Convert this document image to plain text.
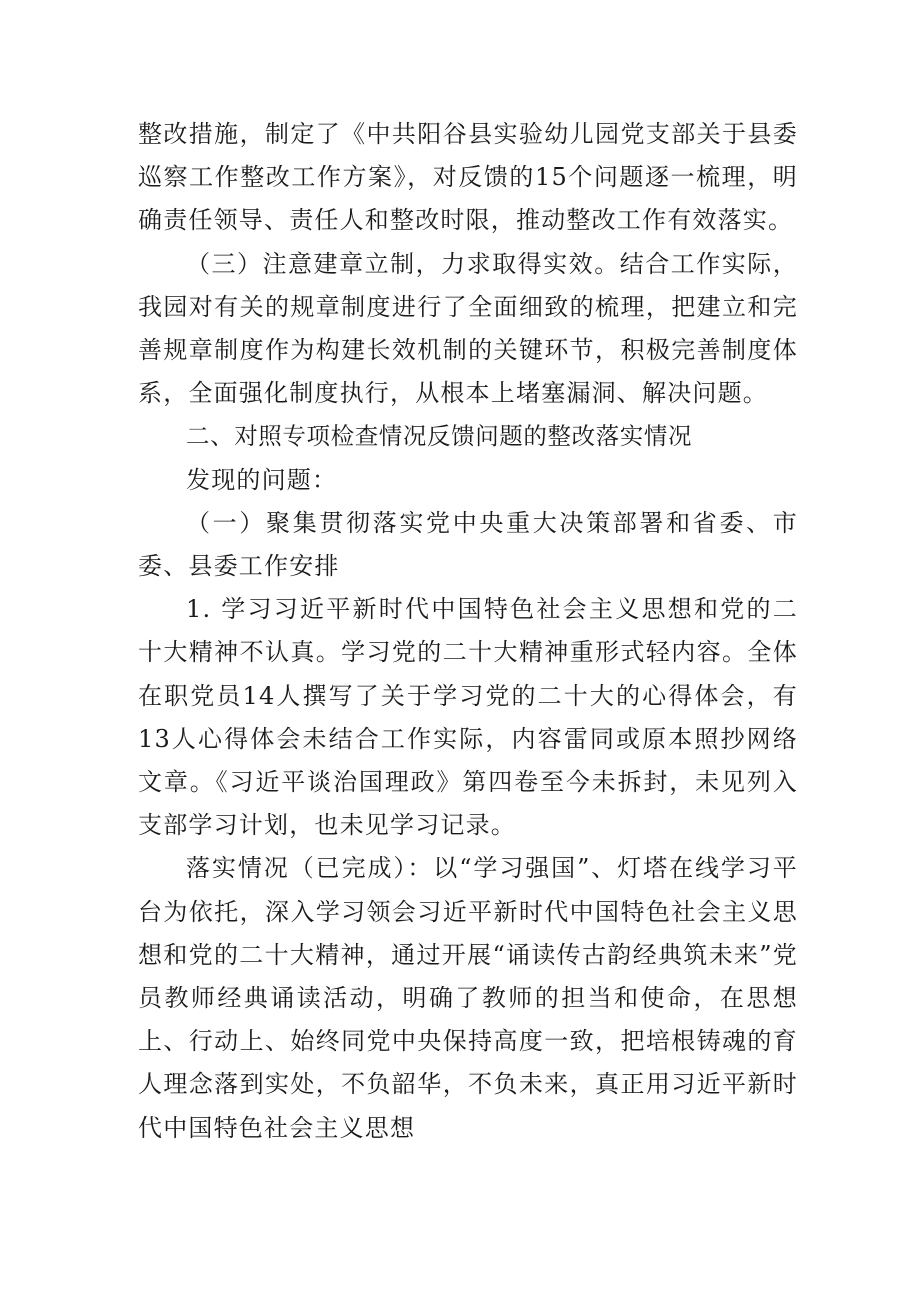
整改措施，制定了《中共阳谷县实验幼儿园党支部关于县委巡察工作整改工作方案》，对反馈的15个问题逐一梳理，明确责任领导、责任人和整改时限，推动整改工作有效落实。

（三）注意建章立制，力求取得实效。结合工作实际，我园对有关的规章制度进行了全面细致的梳理，把建立和完善规章制度作为构建长效机制的关键环节，积极完善制度体系，全面强化制度执行，从根本上堵塞漏洞、解决问题。

二、对照专项检查情况反馈问题的整改落实情况

发现的问题：

（一）聚集贯彻落实党中央重大决策部署和省委、市委、县委工作安排

1. 学习习近平新时代中国特色社会主义思想和党的二十大精神不认真。学习党的二十大精神重形式轻内容。全体在职党员14人撰写了关于学习党的二十大的心得体会，有13人心得体会未结合工作实际，内容雷同或原本照抄网络文章。《习近平谈治国理政》第四卷至今未拆封，未见列入支部学习计划，也未见学习记录。

落实情况（已完成）：以“学习强国”、灯塔在线学习平台为依托，深入学习领会习近平新时代中国特色社会主义思想和党的二十大精神，通过开展“诵读传古韵经典筑未来”党员教师经典诵读活动，明确了教师的担当和使命，在思想上、行动上、始终同党中央保持高度一致，把培根铸魂的育人理念落到实处，不负韶华，不负未来，真正用习近平新时代中国特色社会主义思想
